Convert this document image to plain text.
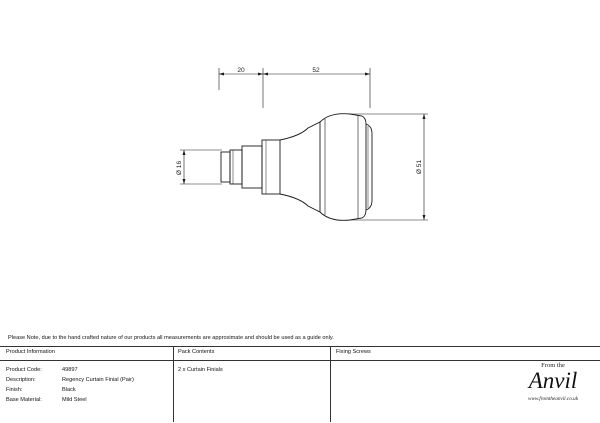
20	52
Ø 16	Ø 51
Please Note, due to the hand crafted nature of our products all measurements are approximate and should be used as a guide only.
Product Information	Pack Contents	Fixing Screws
Product Code:	49897
Description:	Regency Curtain Finial (Pair)
Finish:	Black
Base Material:	Mild Steel
2 x Curtain Finials
From the
Anvil
www.fromtheanvil.co.uk
